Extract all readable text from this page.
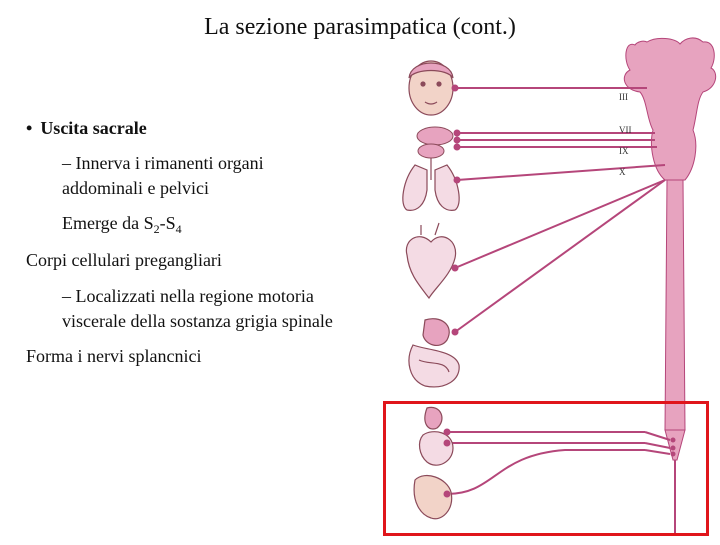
La sezione parasimpatica (cont.)
• Uscita sacrale
– Innerva i rimanenti organi
addominali e pelvici
Emerge da $S_2-S_4$
Corpi cellulari pregangliari
– Localizzati nella regione motoria
viscerale della sostanza grigia spinale
Forma i nervi splancnici
III
VII
IX
X
